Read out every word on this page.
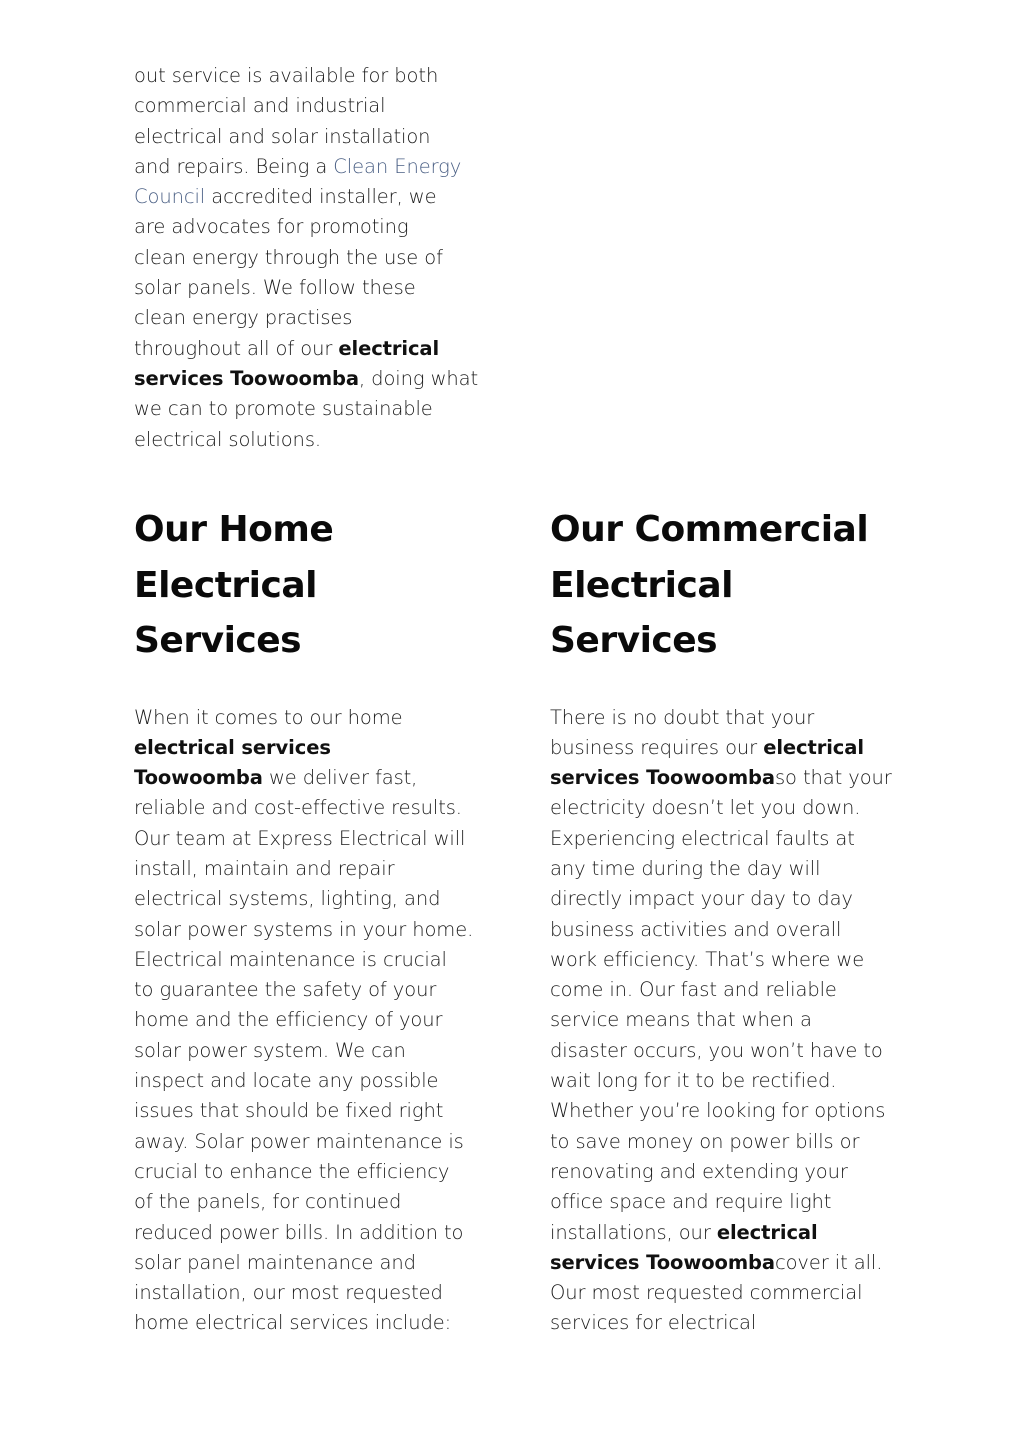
out service is available for both
commercial and industrial
electrical and solar installation
and repairs. Being a Clean Energy
Council accredited installer, we
are advocates for promoting
clean energy through the use of
solar panels. We follow these
clean energy practises
throughout all of our electrical
services Toowoomba, doing what
we can to promote sustainable
electrical solutions.

Our Home
Electrical
Services

When it comes to our home
electrical services
Toowoomba we deliver fast,
reliable and cost-effective results.
Our team at Express Electrical will
install, maintain and repair
electrical systems, lighting, and
solar power systems in your home.
Electrical maintenance is crucial
to guarantee the safety of your
home and the efficiency of your
solar power system. We can
inspect and locate any possible
issues that should be fixed right
away. Solar power maintenance is
crucial to enhance the efficiency
of the panels, for continued
reduced power bills. In addition to
solar panel maintenance and
installation, our most requested
home electrical services include:

Our Commercial
Electrical
Services

There is no doubt that your
business requires our electrical
services Toowoombaso that your
electricity doesn’t let you down.
Experiencing electrical faults at
any time during the day will
directly impact your day to day
business activities and overall
work efficiency. That’s where we
come in. Our fast and reliable
service means that when a
disaster occurs, you won’t have to
wait long for it to be rectified.
Whether you’re looking for options
to save money on power bills or
renovating and extending your
office space and require light
installations, our electrical
services Toowoombacover it all.
Our most requested commercial
services for electrical
